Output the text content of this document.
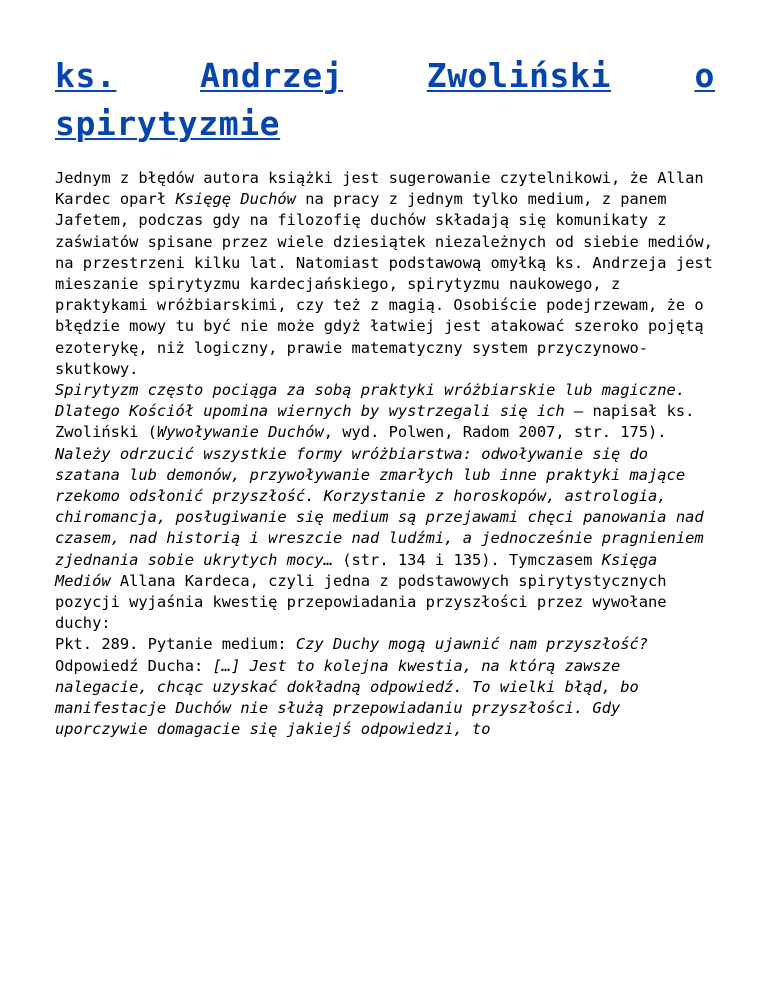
ks.	Andrzej	Zwoliński	o
spirytyzmie

Jednym z błędów autora książki jest sugerowanie czytelnikowi, że Allan Kardec oparł Księgę Duchów na pracy z jednym tylko medium, z panem Jafetem, podczas gdy na filozofię duchów składają się komunikaty z zaświatów spisane przez wiele dziesiątek niezależnych od siebie mediów, na przestrzeni kilku lat. Natomiast podstawową omyłką ks. Andrzeja jest mieszanie spirytyzmu kardecjańskiego, spirytyzmu naukowego, z praktykami wróżbiarskimi, czy też z magią. Osobiście podejrzewam, że o błędzie mowy tu być nie może gdyż łatwiej jest atakować szeroko pojętą ezoterykę, niż logiczny, prawie matematyczny system przyczynowo-skutkowy.

Spirytyzm często pociąga za sobą praktyki wróżbiarskie lub magiczne. Dlatego Kościół upomina wiernych by wystrzegali się ich – napisał ks. Zwoliński (Wywoływanie Duchów, wyd. Polwen, Radom 2007, str. 175). Należy odrzucić wszystkie formy wróżbiarstwa: odwoływanie się do szatana lub demonów, przywoływanie zmarłych lub inne praktyki mające rzekomo odsłonić przyszłość. Korzystanie z horoskopów, astrologia, chiromancja, posługiwanie się medium są przejawami chęci panowania nad czasem, nad historią i wreszcie nad ludźmi, a jednocześnie pragnieniem zjednania sobie ukrytych mocy… (str. 134 i 135). Tymczasem Księga Mediów Allana Kardeca, czyli jedna z podstawowych spirytystycznych pozycji wyjaśnia kwestię przepowiadania przyszłości przez wywołane duchy:

Pkt. 289. Pytanie medium: Czy Duchy mogą ujawnić nam przyszłość?

Odpowiedź Ducha: […] Jest to kolejna kwestia, na którą zawsze nalegacie, chcąc uzyskać dokładną odpowiedź. To wielki błąd, bo manifestacje Duchów nie służą przepowiadaniu przyszłości. Gdy uporczywie domagacie się jakiejś odpowiedzi, to
